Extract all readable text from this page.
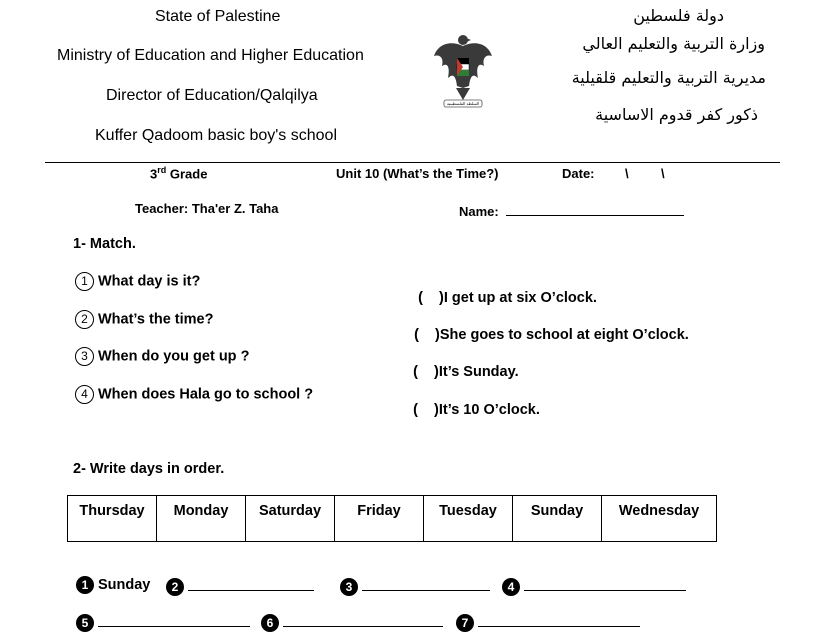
State of Palestine
Ministry of Education and Higher Education
Director of Education/Qalqilya
Kuffer Qadoom basic boy's school
السلطة الفلسطينية
دولة فلسطين
وزارة التربية والتعليم العالي
مديرية التربية والتعليم قلقيلية
ذكور كفر قدوم الاساسية
3rd Grade	Unit 10 (What’s the Time?)	Date: \ \
Teacher: Tha'er Z. Taha	Name:
1- Match.
1 What day is it?
2 What’s the time?
3 When do you get up ?
4 When does Hala go to school ?

(    )I get up at six O’clock.

(    )She goes to school at eight O’clock.

(    )It’s Sunday.

(    )It’s 10 O’clock.

2- Write days in order.
Thursday	Monday	Saturday	Friday	Tuesday	Sunday	Wednesday
1 Sunday	2	3	4
5	6	7
